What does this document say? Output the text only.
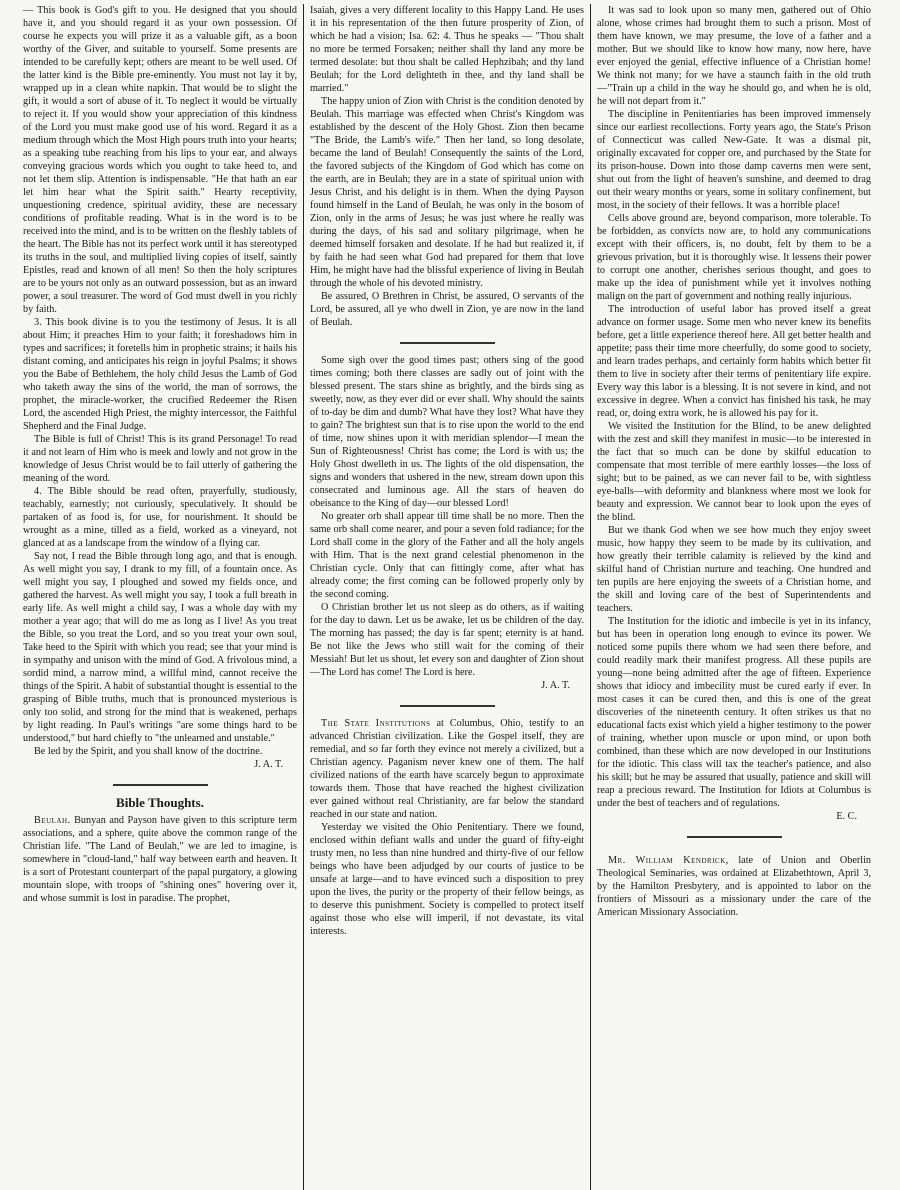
— This book is God's gift to you. He designed that you should have it, and you should regard it as your own possession. Of course he expects you will prize it as a valuable gift, as a boon worthy of the Giver, and suitable to yourself. Some presents are intended to be carefully kept; others are meant to be well used. Of the latter kind is the Bible pre-eminently. You must not lay it by, wrapped up in a clean white napkin. That would be to slight the gift, it would a sort of abuse of it. To neglect it would be virtually to reject it. If you would show your appreciation of this kindness of the Lord you must make good use of his word. Regard it as a medium through which the Most High pours truth into your hearts; as a speaking tube reaching from his lips to your ear, and always conveying gracious words which you ought to take heed to, and not let them slip. Attention is indispensable. "He that hath an ear let him hear what the Spirit saith." Hearty receptivity, unquestioning credence, spiritual avidity, these are necessary conditions of profitable reading. What is in the word is to be received into the mind, and is to be written on the fleshly tablets of the heart. The Bible has not its perfect work until it has stereotyped its truths in the soul, and multiplied living copies of itself, saintly Epistles, read and known of all men! So then the holy scriptures are to be yours not only as an outward possession, but as an inward power, a soul treasurer. The word of God must dwell in you richly by faith.

3. This book divine is to you the testimony of Jesus. It is all about Him; it preaches Him to your faith; it foreshadows him in types and sacrifices; it foretells him in prophetic strains; it hails his distant coming, and anticipates his reign in joyful Psalms; it shows you the Babe of Bethlehem, the holy child Jesus the Lamb of God who taketh away the sins of the world, the man of sorrows, the prophet, the miracle-worker, the crucified Redeemer the Risen Lord, the ascended High Priest, the mighty intercessor, the Faithful Shepherd and the Final Judge.

The Bible is full of Christ! This is its grand Personage! To read it and not learn of Him who is meek and lowly and not grow in the knowledge of Jesus Christ would be to fail utterly of gathering the meaning of the word.

4. The Bible should be read often, prayerfully, studiously, teachably, earnestly; not curiously, speculatively. It should be partaken of as food is, for use, for nourishment. It should be wrought as a mine, tilled as a field, worked as a vineyard, not glanced at as a landscape from the window of a flying car.

Say not, I read the Bible through long ago, and that is enough. As well might you say, I drank to my fill, of a fountain once. As well might you say, I ploughed and sowed my fields once, and gathered the harvest. As well might you say, I took a full breath in early life. As well might a child say, I was a whole day with my mother a year ago; that will do me as long as I live! As you treat the Bible, so you treat the Lord, and so you treat your own soul, Take heed to the Spirit with which you read; see that your mind is in sympathy and unison with the mind of God. A frivolous mind, a sordid mind, a narrow mind, a willful mind, cannot receive the things of the Spirit. A habit of substantial thought is essential to the grasping of Bible truths, much that is pronounced mysterious is only too solid, and strong for the mind that is weakened, perhaps by light reading. In Paul's writings "are some things hard to be understood," but hard chiefly to "the unlearned and unstable."

Be led by the Spirit, and you shall know of the doctrine.

J. A. T.

Bible Thoughts.

Beulah. Bunyan and Payson have given to this scripture term associations, and a sphere, quite above the common range of the Christian life. "The Land of Beulah," we are led to imagine, is somewhere in "cloud-land," half way between earth and heaven. It is a sort of Protestant counterpart of the papal purgatory, a glowing mountain slope, with troops of "shining ones" hovering over it, and whose summit is lost in paradise. The prophet,

Isaiah, gives a very different locality to this Happy Land. He uses it in his representation of the then future prosperity of Zion, of which he had a vision; Isa. 62: 4. Thus he speaks — "Thou shalt no more be termed Forsaken; neither shall thy land any more be termed desolate: but thou shalt be called Hephzibah; and thy land Beulah; for the Lord delighteth in thee, and thy land shall be married."

The happy union of Zion with Christ is the condition denoted by Beulah. This marriage was effected when Christ's Kingdom was established by the descent of the Holy Ghost. Zion then became "The Bride, the Lamb's wife." Then her land, so long desolate, became the land of Beulah! Consequently the saints of the Lord, the favored subjects of the Kingdom of God which has come on the earth, are in Beulah; they are in a state of spiritual union with Jesus Christ, and his delight is in them. When the dying Payson found himself in the Land of Beulah, he was only in the bosom of Zion, only in the arms of Jesus; he was just where he really was during the days, of his sad and solitary pilgrimage, when he deemed himself forsaken and desolate. If he had but realized it, if by faith he had seen what God had prepared for them that love Him, he might have had the blissful experience of living in Beulah through the whole of his devoted ministry.

Be assured, O Brethren in Christ, be assured, O servants of the Lord, be assured, all ye who dwell in Zion, ye are now in the land of Beulah.

Some sigh over the good times past; others sing of the good times coming; both there classes are sadly out of joint with the blessed present. The stars shine as brightly, and the birds sing as sweetly, now, as they ever did or ever shall. Why should the saints of to-day be dim and dumb? What have they lost? What have they to gain? The brightest sun that is to rise upon the world to the end of time, now shines upon it with meridian splendor—I mean the Sun of Righteousness! Christ has come; the Lord is with us; the Holy Ghost dwelleth in us. The lights of the old dispensation, the signs and wonders that ushered in the new, stream down upon this consecrated and luminous age. All the stars of heaven do obeisance to the King of day—our blessed Lord!

No greater orb shall appear till time shall be no more. Then the same orb shall come nearer, and pour a seven fold radiance; for the Lord shall come in the glory of the Father and all the holy angels with Him. That is the next grand celestial phenomenon in the Christian cycle. Only that can fittingly come, after what has already come; the first coming can be followed properly only by the second coming.

O Christian brother let us not sleep as do others, as if waiting for the day to dawn. Let us be awake, let us be children of the day. The morning has passed; the day is far spent; eternity is at hand. Be not like the Jews who still wait for the coming of their Messiah! But let us shout, let every son and daughter of Zion shout—The Lord has come! The Lord is here.

J. A. T.

The State Institutions at Columbus, Ohio, testify to an advanced Christian civilization. Like the Gospel itself, they are remedial, and so far forth they evince not merely a civilized, but a Christian agency. Paganism never knew one of them. The half civilized nations of the earth have scarcely begun to approximate towards them. Those that have reached the highest civilization ever gained without real Christianity, are far below the standard reached in our state and nation.

Yesterday we visited the Ohio Penitentiary. There we found, enclosed within defiant walls and under the guard of fifty-eight trusty men, no less than nine hundred and thirty-five of our fellow beings who have been adjudged by our courts of justice to be unsafe at large—and to have evinced such a disposition to prey upon the lives, the purity or the property of their fellow beings, as to deserve this punishment. Society is compelled to protect itself against those who else will imperil, if not devastate, its vital interests.

It was sad to look upon so many men, gathered out of Ohio alone, whose crimes had brought them to such a prison. Most of them have known, we may presume, the love of a father and a mother. But we should like to know how many, now here, have ever enjoyed the genial, effective influence of a Christian home! We think not many; for we have a staunch faith in the old truth—"Train up a child in the way he should go, and when he is old, he will not depart from it."

The discipline in Penitentiaries has been improved immensely since our earliest recollections. Forty years ago, the State's Prison of Connecticut was called New-Gate. It was a dismal pit, originally excavated for copper ore, and purchased by the State for its prison-house. Down into those damp caverns men were sent, shut out from the light of heaven's sunshine, and deemed to drag out their weary months or years, some in solitary confinement, but most, in the society of their fellows. It was a horrible place!

Cells above ground are, beyond comparison, more tolerable. To be forbidden, as convicts now are, to hold any communications except with their officers, is, no doubt, felt by them to be a grievous privation, but it is thoroughly wise. It lessens their power to corrupt one another, cherishes serious thought, and goes to make up the idea of punishment while yet it involves nothing malign on the part of government and nothing really injurious.

The introduction of useful labor has proved itself a great advance on former usage. Some men who never knew its benefits before, get a little experience thereof here. All get better health and appetite; pass their time more cheerfully, do some good to society, and learn trades perhaps, and certainly form habits which better fit them to live in society after their terms of penitentiary life expire. Every way this labor is a blessing. It is not severe in kind, and not excessive in degree. When a convict has finished his task, he may read, or, doing extra work, he is allowed his pay for it.

We visited the Institution for the Blind, to be anew delighted with the zest and skill they manifest in music—to be interested in the fact that so much can be done by skilful education to compensate that most terrible of mere earthly losses—the loss of sight; but to be pained, as we can never fail to be, with sightless eye-balls—with deformity and blankness where most we look for beauty and expression. We cannot bear to look upon the eyes of the blind.

But we thank God when we see how much they enjoy sweet music, how happy they seem to be made by its cultivation, and how greatly their terrible calamity is relieved by the kind and skilful hand of Christian nurture and teaching. One hundred and ten pupils are here enjoying the sweets of a Christian home, and the skill and loving care of the best of Superintendents and teachers.

The Institution for the idiotic and imbecile is yet in its infancy, but has been in operation long enough to evince its power. We noticed some pupils there whom we had seen there before, and could readily mark their manifest progress. All these pupils are young—none being admitted after the age of fifteen. Experience shows that idiocy and imbecility must be cured early if ever. In most cases it can be cured then, and this is one of the great discoveries of the nineteenth century. It often strikes us that no educational facts exist which yield a higher testimony to the power of training, whether upon muscle or upon mind, or upon both combined, than these which are now developed in our Institutions for the idiotic. This class will tax the teacher's patience, and also his skill; but he may be assured that usually, patience and skill will reap a precious reward. The Institution for Idiots at Columbus is under the best of teachers and of regulations.

E. C.

Mr. William Kendrick, late of Union and Oberlin Theological Seminaries, was ordained at Elizabethtown, April 3, by the Hamilton Presbytery, and is appointed to labor on the frontiers of Missouri as a missionary under the care of the American Missionary Association.
